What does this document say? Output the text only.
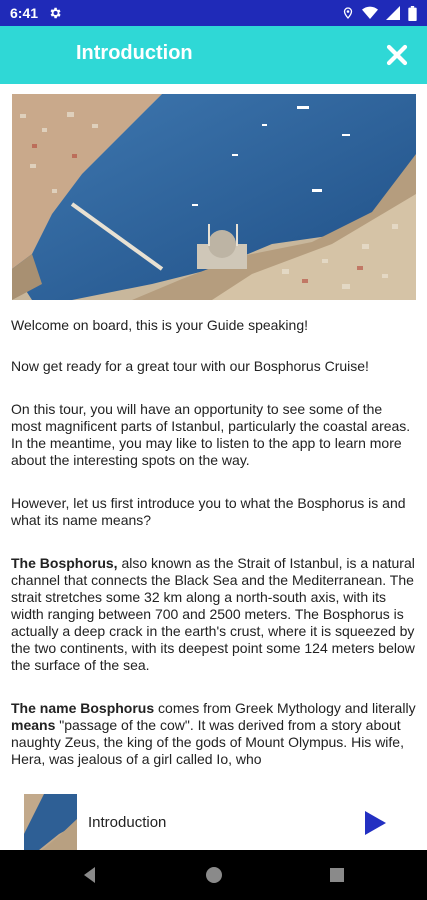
6:41
Introduction

Welcome on board, this is your Guide speaking!

Now get ready for a great tour with our Bosphorus Cruise!

On this tour, you will have an opportunity to see some of the most magnificent parts of Istanbul, particularly the coastal areas. In the meantime, you may like to listen to the app to learn more about the interesting spots on the way.

However, let us first introduce you to what the Bosphorus is and what its name means?

The Bosphorus, also known as the Strait of Istanbul, is a natural channel that connects the Black Sea and the Mediterranean. The strait stretches some 32 km along a north-south axis, with its width ranging between 700 and 2500 meters. The Bosphorus is actually a deep crack in the earth's crust, where it is squeezed by the two continents, with its deepest point some 124 meters below the surface of the sea.

The name Bosphorus comes from Greek Mythology and literally means "passage of the cow". It was derived from a story about naughty Zeus, the king of the gods of Mount Olympus. His wife, Hera, was jealous of a girl called Io, who

Introduction
